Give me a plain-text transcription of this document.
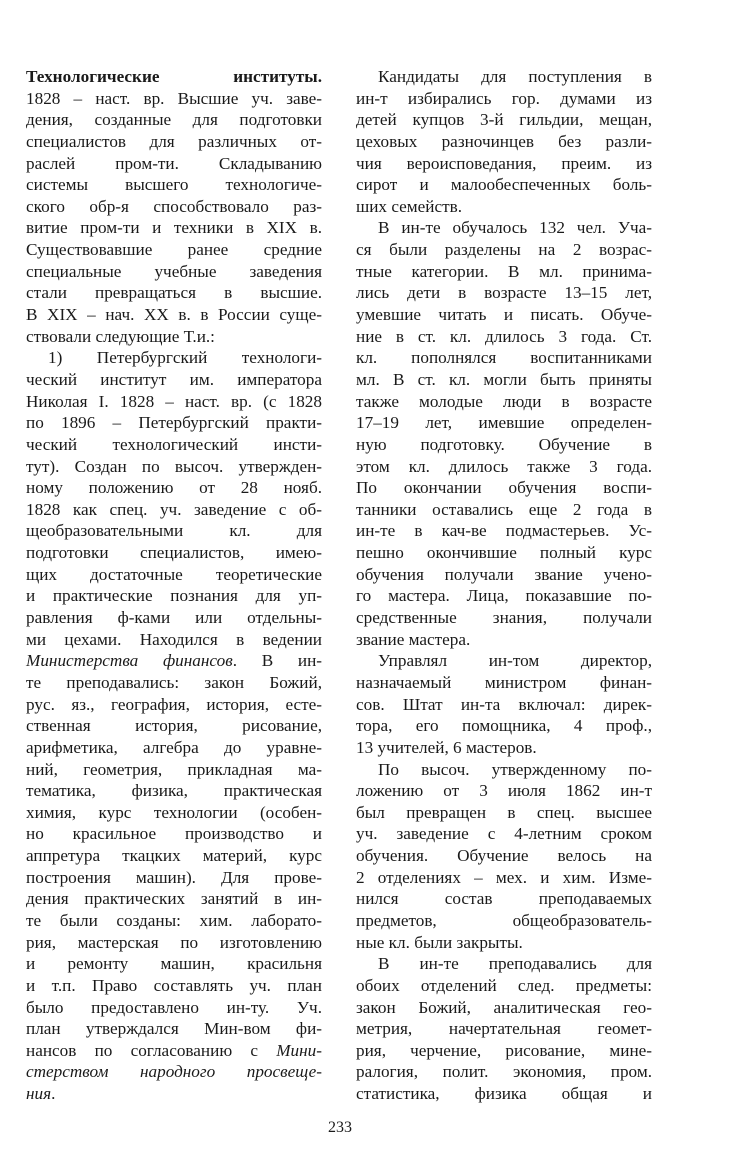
Технологические институты.
1828 – наст. вр. Высшие уч. заве-
дения, созданные для подготовки
специалистов для различных от-
раслей пром-ти. Складыванию
системы высшего технологиче-
ского обр-я способствовало раз-
витие пром-ти и техники в XIX в.
Существовавшие ранее средние
специальные учебные заведения
стали превращаться в высшие.
В XIX – нач. XX в. в России суще-
ствовали следующие Т.и.:
1) Петербургский технологи-
ческий институт им. императора
Николая I. 1828 – наст. вр. (с 1828
по 1896 – Петербургский практи-
ческий технологический инсти-
тут). Создан по высоч. утвержден-
ному положению от 28 нояб.
1828 как спец. уч. заведение с об-
щеобразовательными кл. для
подготовки специалистов, имею-
щих достаточные теоретические
и практические познания для уп-
равления ф-ками или отдельны-
ми цехами. Находился в ведении
Министерства финансов. В ин-
те преподавались: закон Божий,
рус. яз., география, история, есте-
ственная история, рисование,
арифметика, алгебра до уравне-
ний, геометрия, прикладная ма-
тематика, физика, практическая
химия, курс технологии (особен-
но красильное производство и
аппретура ткацких материй, курс
построения машин). Для прове-
дения практических занятий в ин-
те были созданы: хим. лаборато-
рия, мастерская по изготовлению
и ремонту машин, красильня
и т.п. Право составлять уч. план
было предоставлено ин-ту. Уч.
план утверждался Мин-вом фи-
нансов по согласованию с Мини-
стерством народного просвеще-
ния.
Кандидаты для поступления в
ин-т избирались гор. думами из
детей купцов 3-й гильдии, мещан,
цеховых разночинцев без разли-
чия вероисповедания, преим. из
сирот и малообеспеченных боль-
ших семейств.
В ин-те обучалось 132 чел. Уча-
ся были разделены на 2 возрас-
тные категории. В мл. принима-
лись дети в возрасте 13–15 лет,
умевшие читать и писать. Обуче-
ние в ст. кл. длилось 3 года. Ст.
кл. пополнялся воспитанниками
мл. В ст. кл. могли быть приняты
также молодые люди в возрасте
17–19 лет, имевшие определен-
ную подготовку. Обучение в
этом кл. длилось также 3 года.
По окончании обучения воспи-
танники оставались еще 2 года в
ин-те в кач-ве подмастерьев. Ус-
пешно окончившие полный курс
обучения получали звание учено-
го мастера. Лица, показавшие по-
средственные знания, получали
звание мастера.
Управлял ин-том директор,
назначаемый министром финан-
сов. Штат ин-та включал: дирек-
тора, его помощника, 4 проф.,
13 учителей, 6 мастеров.
По высоч. утвержденному по-
ложению от 3 июля 1862 ин-т
был превращен в спец. высшее
уч. заведение с 4-летним сроком
обучения. Обучение велось на
2 отделениях – мех. и хим. Изме-
нился состав преподаваемых
предметов, общеобразователь-
ные кл. были закрыты.
В ин-те преподавались для
обоих отделений след. предметы:
закон Божий, аналитическая гео-
метрия, начертательная геомет-
рия, черчение, рисование, мине-
ралогия, полит. экономия, пром.
статистика, физика общая и
233
